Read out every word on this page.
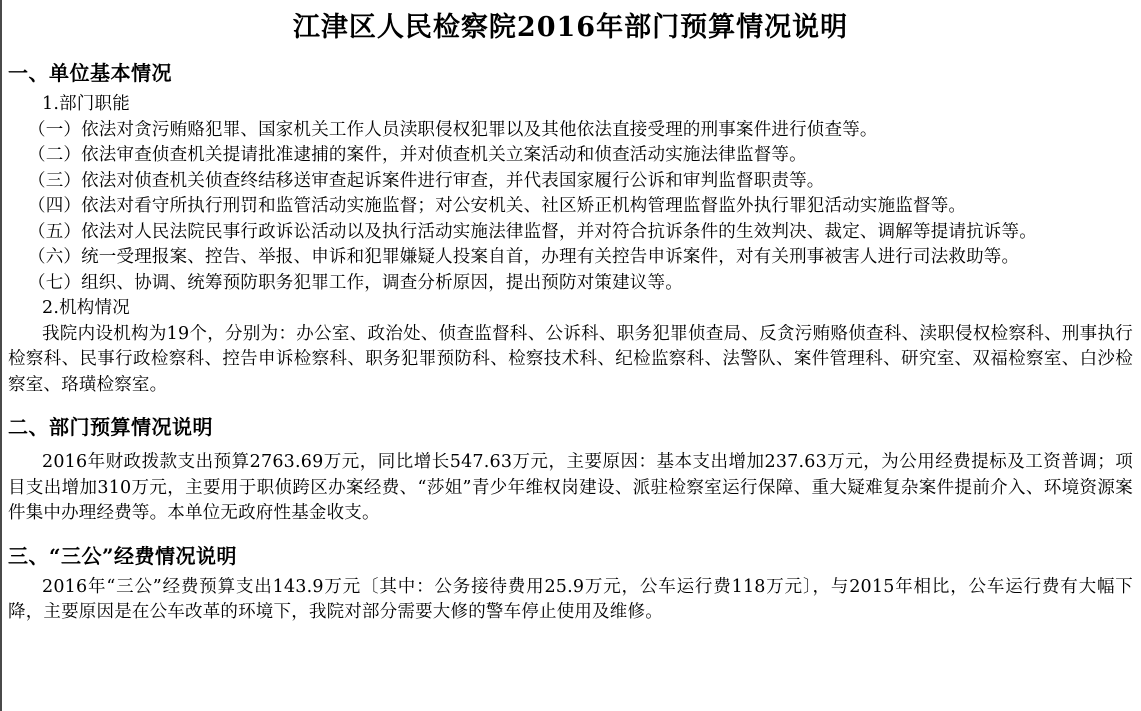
江津区人民检察院2016年部门预算情况说明
一、单位基本情况

1.部门职能

（一）依法对贪污贿赂犯罪、国家机关工作人员渎职侵权犯罪以及其他依法直接受理的刑事案件进行侦查等。

（二）依法审查侦查机关提请批准逮捕的案件，并对侦查机关立案活动和侦查活动实施法律监督等。

（三）依法对侦查机关侦查终结移送审查起诉案件进行审查，并代表国家履行公诉和审判监督职责等。

（四）依法对看守所执行刑罚和监管活动实施监督；对公安机关、社区矫正机构管理监督监外执行罪犯活动实施监督等。

（五）依法对人民法院民事行政诉讼活动以及执行活动实施法律监督，并对符合抗诉条件的生效判决、裁定、调解等提请抗诉等。

（六）统一受理报案、控告、举报、申诉和犯罪嫌疑人投案自首，办理有关控告申诉案件，对有关刑事被害人进行司法救助等。

（七）组织、协调、统筹预防职务犯罪工作，调查分析原因，提出预防对策建议等。

2.机构情况

我院内设机构为19个，分别为：办公室、政治处、侦查监督科、公诉科、职务犯罪侦查局、反贪污贿赂侦查科、渎职侵权检察科、刑事执行检察科、民事行政检察科、控告申诉检察科、职务犯罪预防科、检察技术科、纪检监察科、法警队、案件管理科、研究室、双福检察室、白沙检察室、珞璜检察室。

二、部门预算情况说明

2016年财政拨款支出预算2763.69万元，同比增长547.63万元，主要原因：基本支出增加237.63万元，为公用经费提标及工资普调；项目支出增加310万元，主要用于职侦跨区办案经费、“莎姐”青少年维权岗建设、派驻检察室运行保障、重大疑难复杂案件提前介入、环境资源案件集中办理经费等。本单位无政府性基金收支。

三、“三公”经费情况说明

2016年“三公”经费预算支出143.9万元〔其中：公务接待费用25.9万元，公车运行费118万元〕，与2015年相比，公车运行费有大幅下降，主要原因是在公车改革的环境下，我院对部分需要大修的警车停止使用及维修。
